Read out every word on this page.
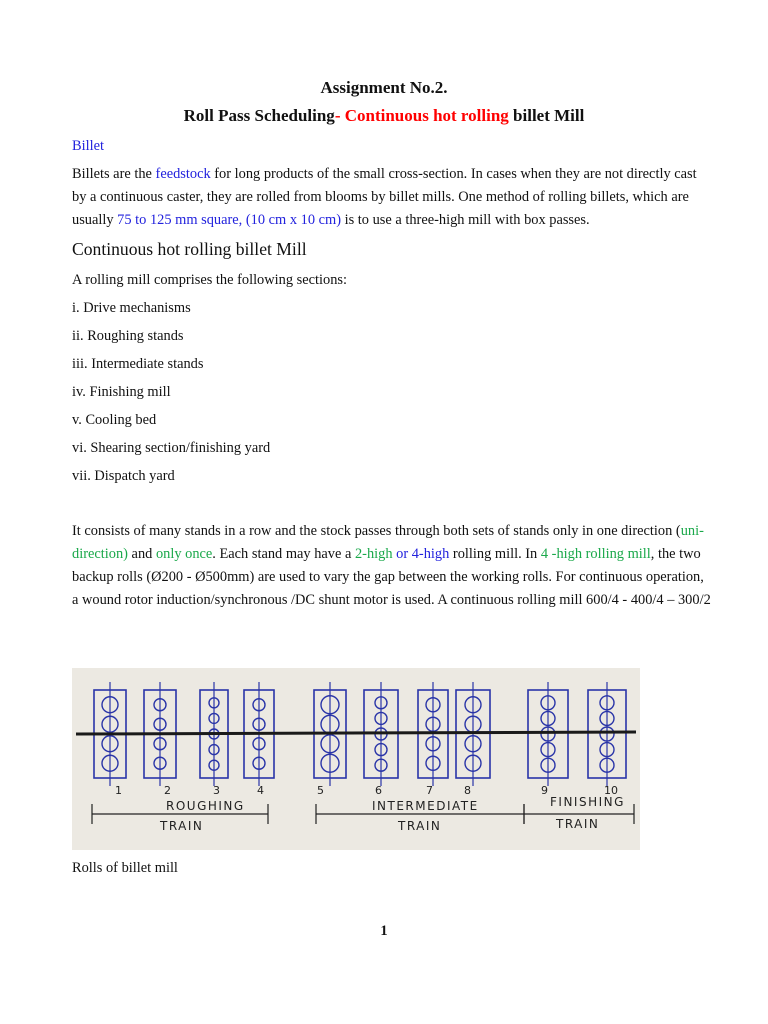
Assignment No.2.
Roll Pass Scheduling- Continuous hot rolling billet Mill
Billet
Billets are the feedstock for long products of the small cross-section. In cases when they are not directly cast by a continuous caster, they are rolled from blooms by billet mills. One method of rolling billets, which are usually 75 to 125 mm square, (10 cm x 10 cm) is to use a three-high mill with box passes.
Continuous hot rolling billet Mill
A rolling mill comprises the following sections:
i. Drive mechanisms
ii. Roughing stands
iii. Intermediate stands
iv. Finishing mill
v. Cooling bed
vi. Shearing section/finishing yard
vii. Dispatch yard
It consists of many stands in a row and the stock passes through both sets of stands only in one direction (uni-direction) and only once. Each stand may have a 2-high or 4-high rolling mill. In 4 -high rolling mill, the two backup rolls (Ø200 - Ø500mm) are used to vary the gap between the working rolls. For continuous operation, a wound rotor induction/synchronous /DC shunt motor is used. A continuous rolling mill 600/4 - 400/4 – 300/2
1	2	3	4	5	6	7	8	9	10
ROUGHING
TRAIN
INTERMEDIATE
TRAIN
FINISHING
TRAIN
Rolls of billet mill
1
